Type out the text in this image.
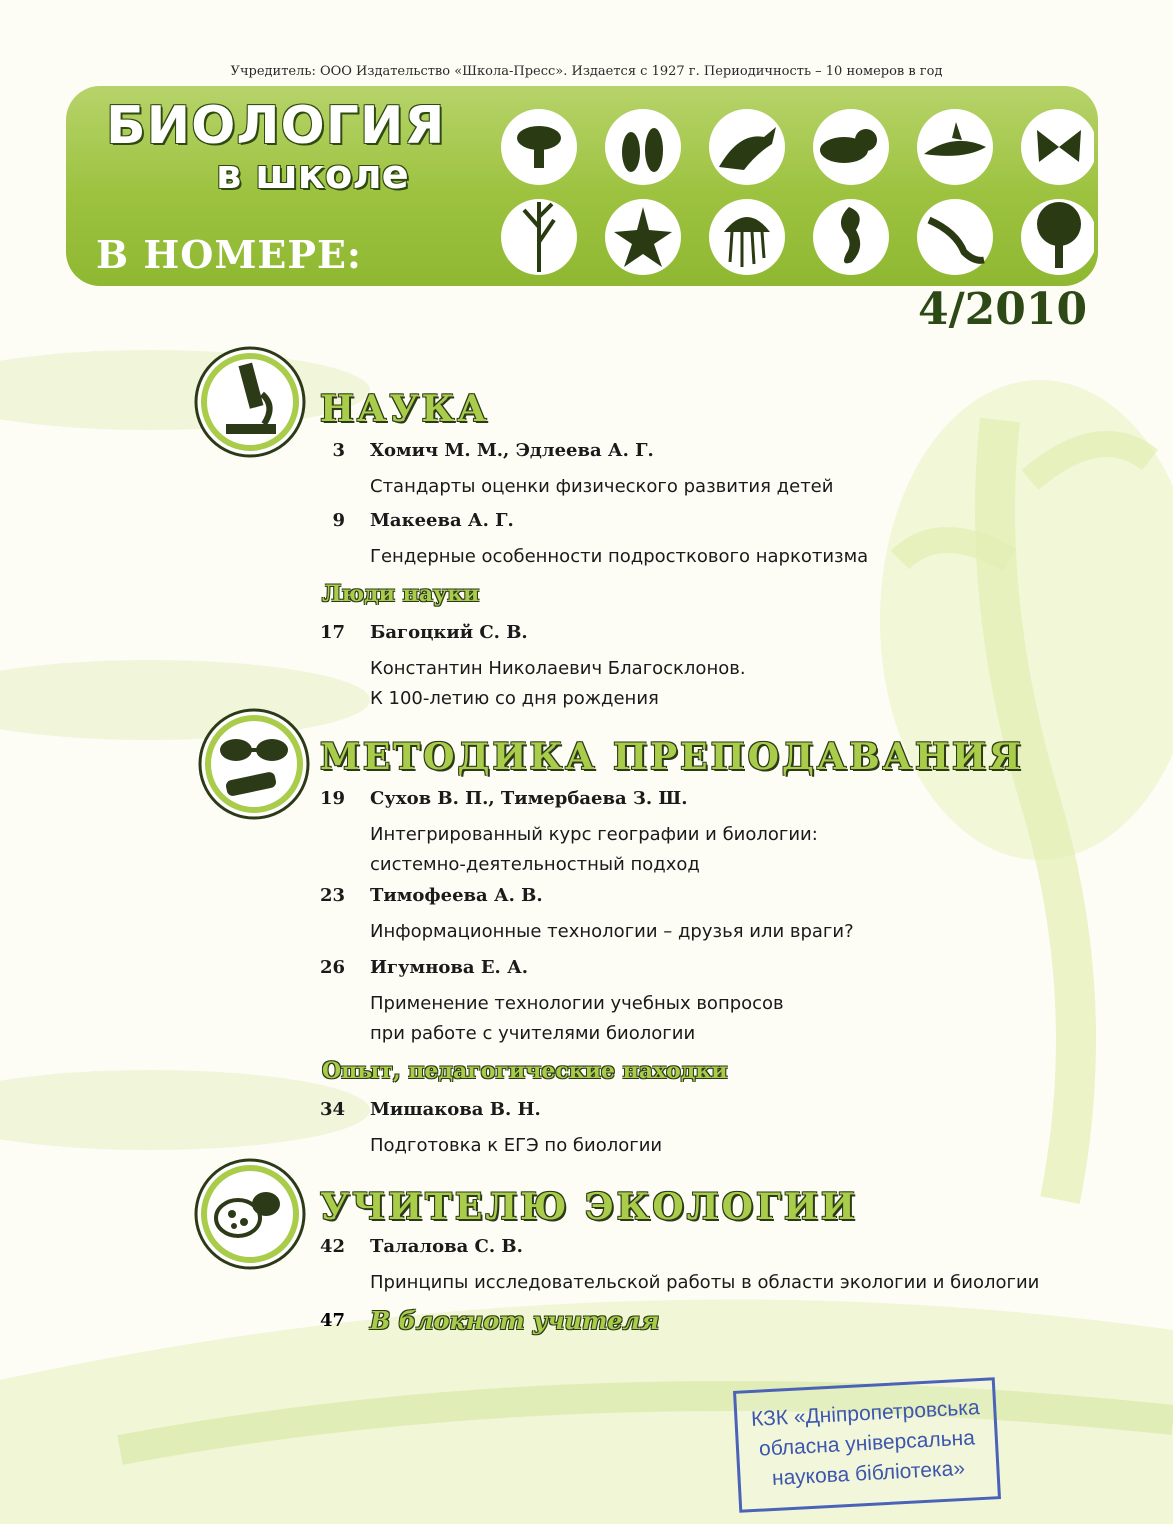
Учредитель: ООО Издательство «Школа-Пресс». Издается с 1927 г. Периодичность – 10 номеров в год
БИОЛОГИЯ
в школе
В НОМЕРЕ:
4/2010
НАУКА
3 Хомич М. М., Эдлеева А. Г.
Стандарты оценки физического развития детей
9 Макеева А. Г.
Гендерные особенности подросткового наркотизма
Люди науки
17 Багоцкий С. В.
Константин Николаевич Благосклонов.
К 100-летию со дня рождения
МЕТОДИКА ПРЕПОДАВАНИЯ
19 Сухов В. П., Тимербаева З. Ш.
Интегрированный курс географии и биологии:
системно-деятельностный подход
23 Тимофеева А. В.
Информационные технологии – друзья или враги?
26 Игумнова Е. А.
Применение технологии учебных вопросов
при работе с учителями биологии
Опыт, педагогические находки
34 Мишакова В. Н.
Подготовка к ЕГЭ по биологии
УЧИТЕЛЮ ЭКОЛОГИИ
42 Талалова С. В.
Принципы исследовательской работы в области экологии и биологии
47 В блокнот учителя
КЗК «Дніпропетровська
обласна універсальна
наукова бібліотека»
